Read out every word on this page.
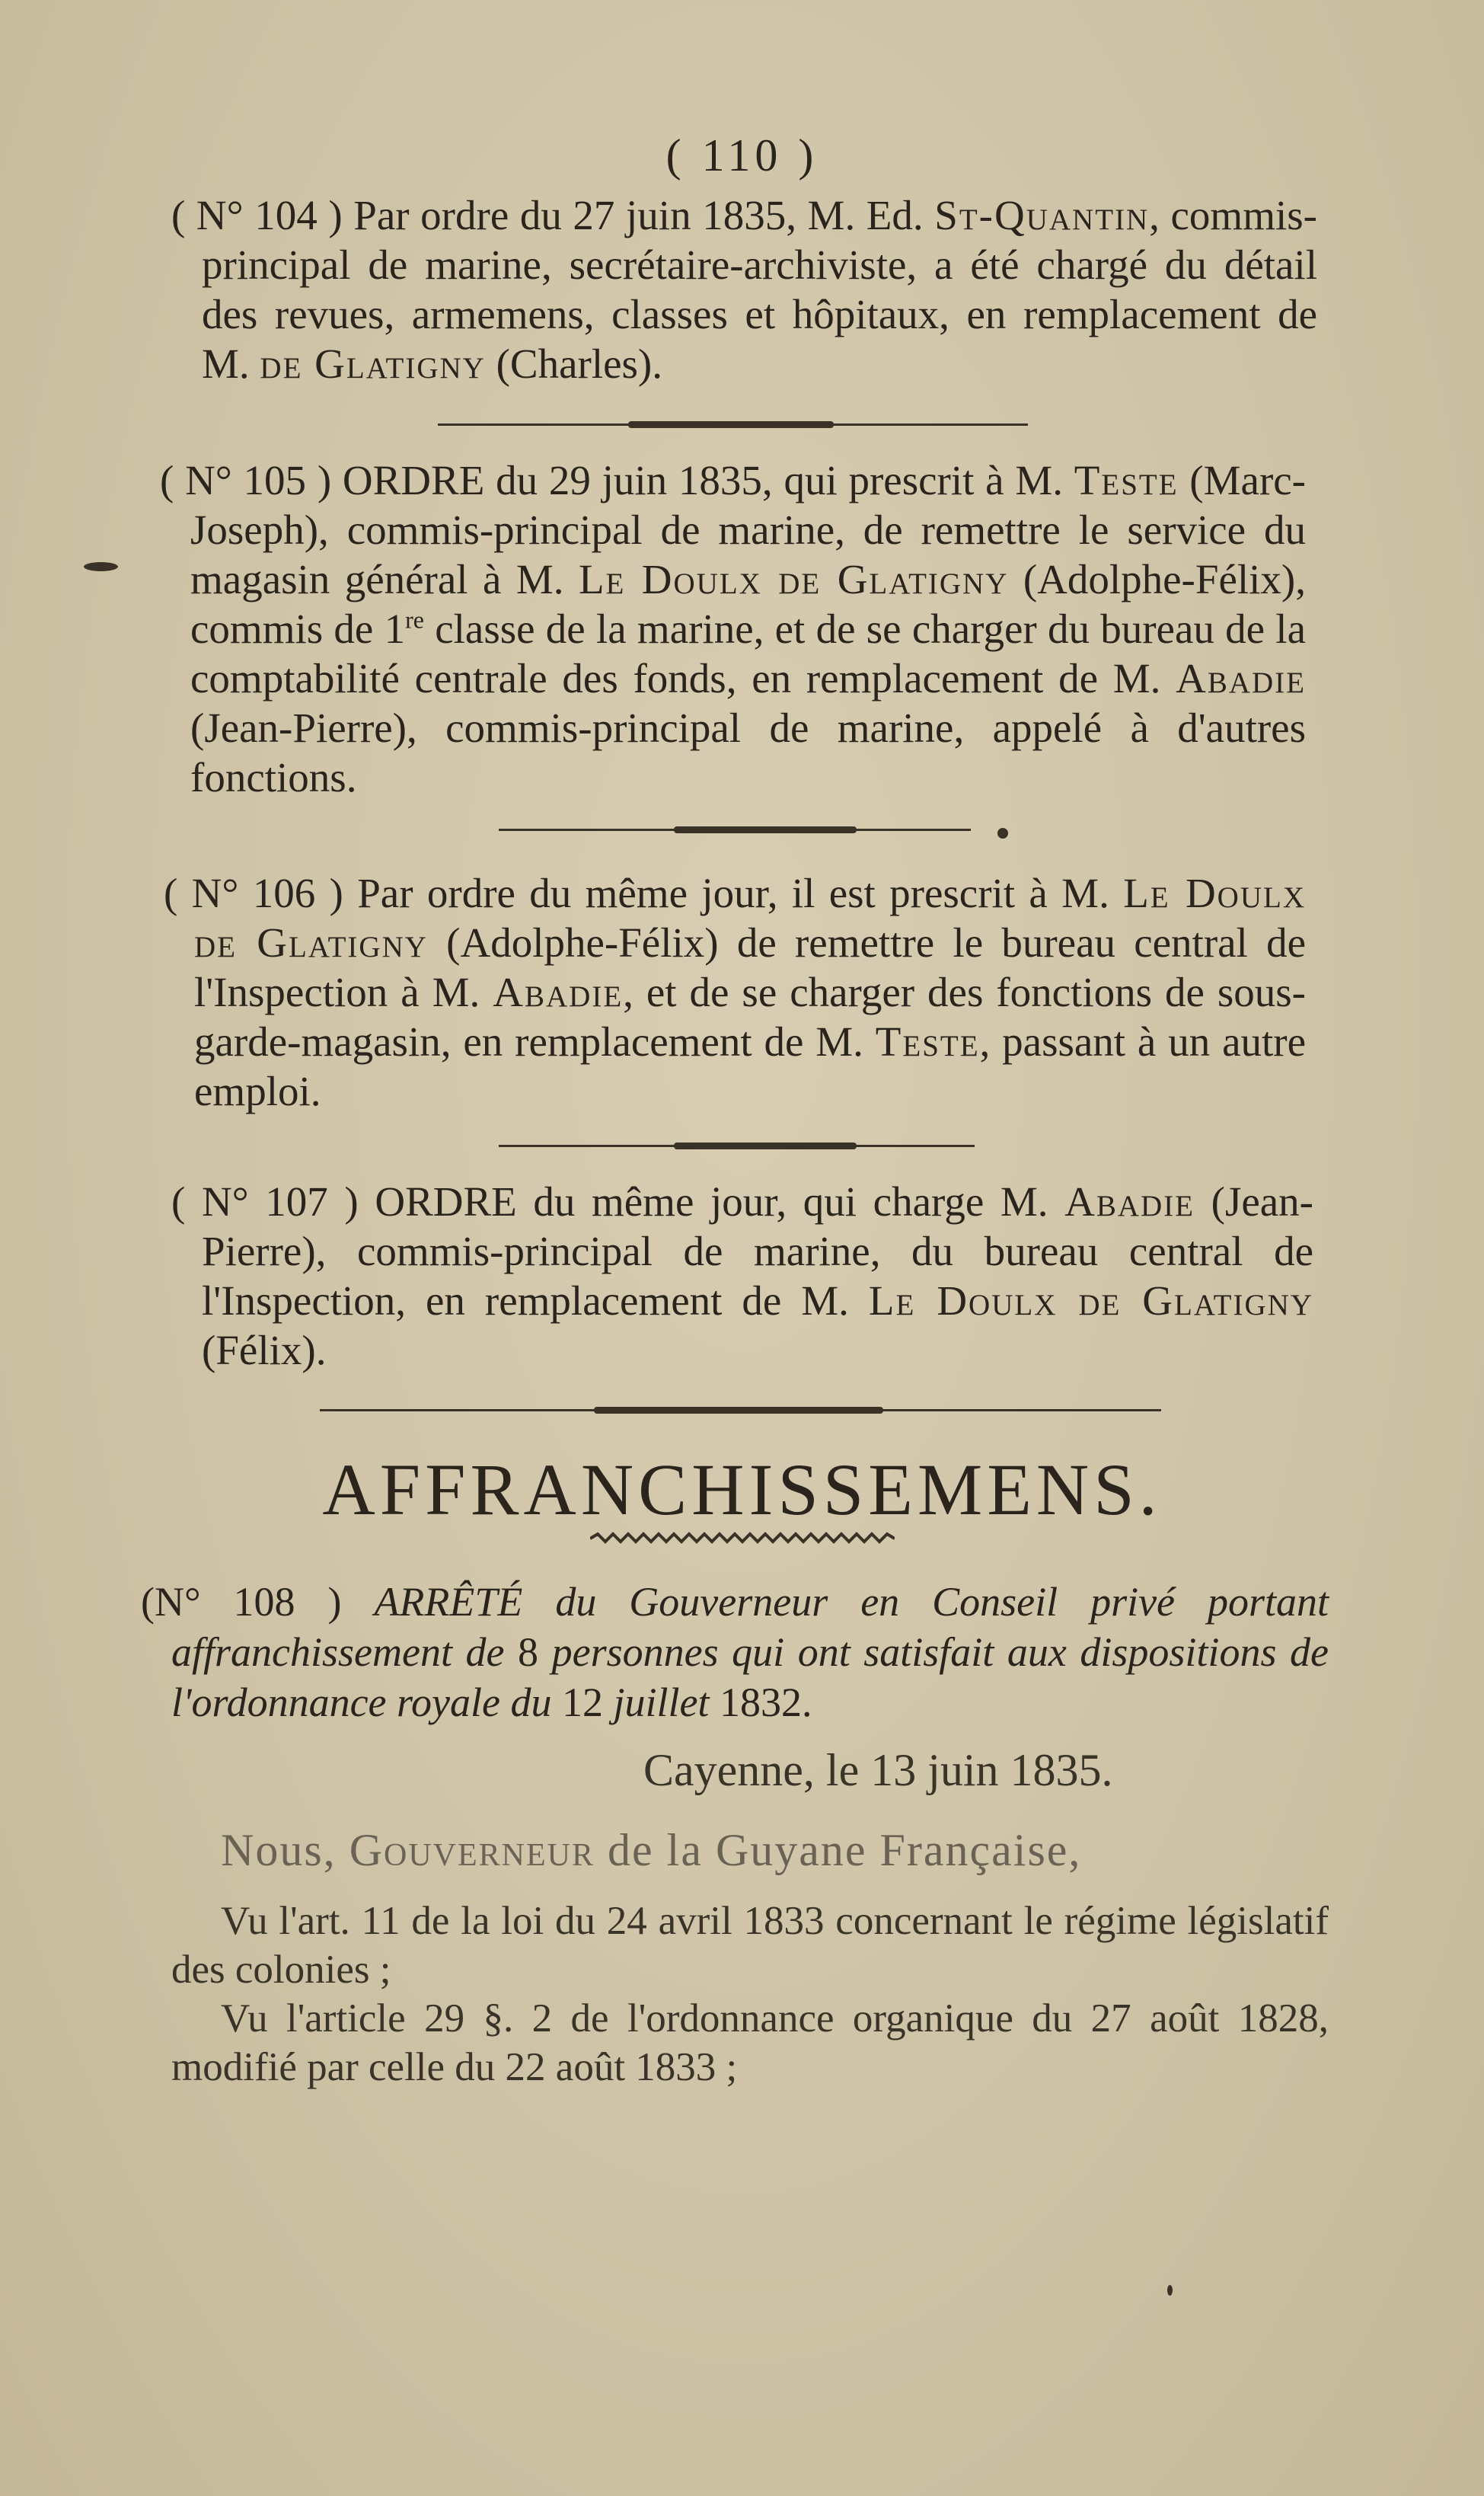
( 110 )
( N° 104 ) Par ordre du 27 juin 1835, M. Ed. St-Quantin, commis-principal de marine, secrétaire-archiviste, a été chargé du détail des revues, armemens, classes et hôpitaux, en remplacement de M. de Glatigny (Charles).
( N° 105 ) ORDRE du 29 juin 1835, qui prescrit à M. Teste (Marc-Joseph), commis-principal de marine, de remettre le service du magasin général à M. Le Doulx de Glatigny (Adolphe-Félix), commis de 1re classe de la marine, et de se charger du bureau de la comptabilité centrale des fonds, en remplacement de M. Abadie (Jean-Pierre), commis-principal de marine, appelé à d'autres fonctions.
( N° 106 ) Par ordre du même jour, il est prescrit à M. Le Doulx de Glatigny (Adolphe-Félix) de remettre le bureau central de l'Inspection à M. Abadie, et de se charger des fonctions de sous-garde-magasin, en remplacement de M. Teste, passant à un autre emploi.
( N° 107 ) ORDRE du même jour, qui charge M. Abadie (Jean-Pierre), commis-principal de marine, du bureau central de l'Inspection, en remplacement de M. Le Doulx de Glatigny (Félix).
AFFRANCHISSEMENS.
(N° 108 ) ARRÊTÉ du Gouverneur en Conseil privé portant affranchissement de 8 personnes qui ont satisfait aux dispositions de l'ordonnance royale du 12 juillet 1832.
Cayenne, le 13 juin 1835.
Nous, Gouverneur de la Guyane Française,

Vu l'art. 11 de la loi du 24 avril 1833 concernant le régime législatif des colonies ;

Vu l'article 29 §. 2 de l'ordonnance organique du 27 août 1828, modifié par celle du 22 août 1833 ;
